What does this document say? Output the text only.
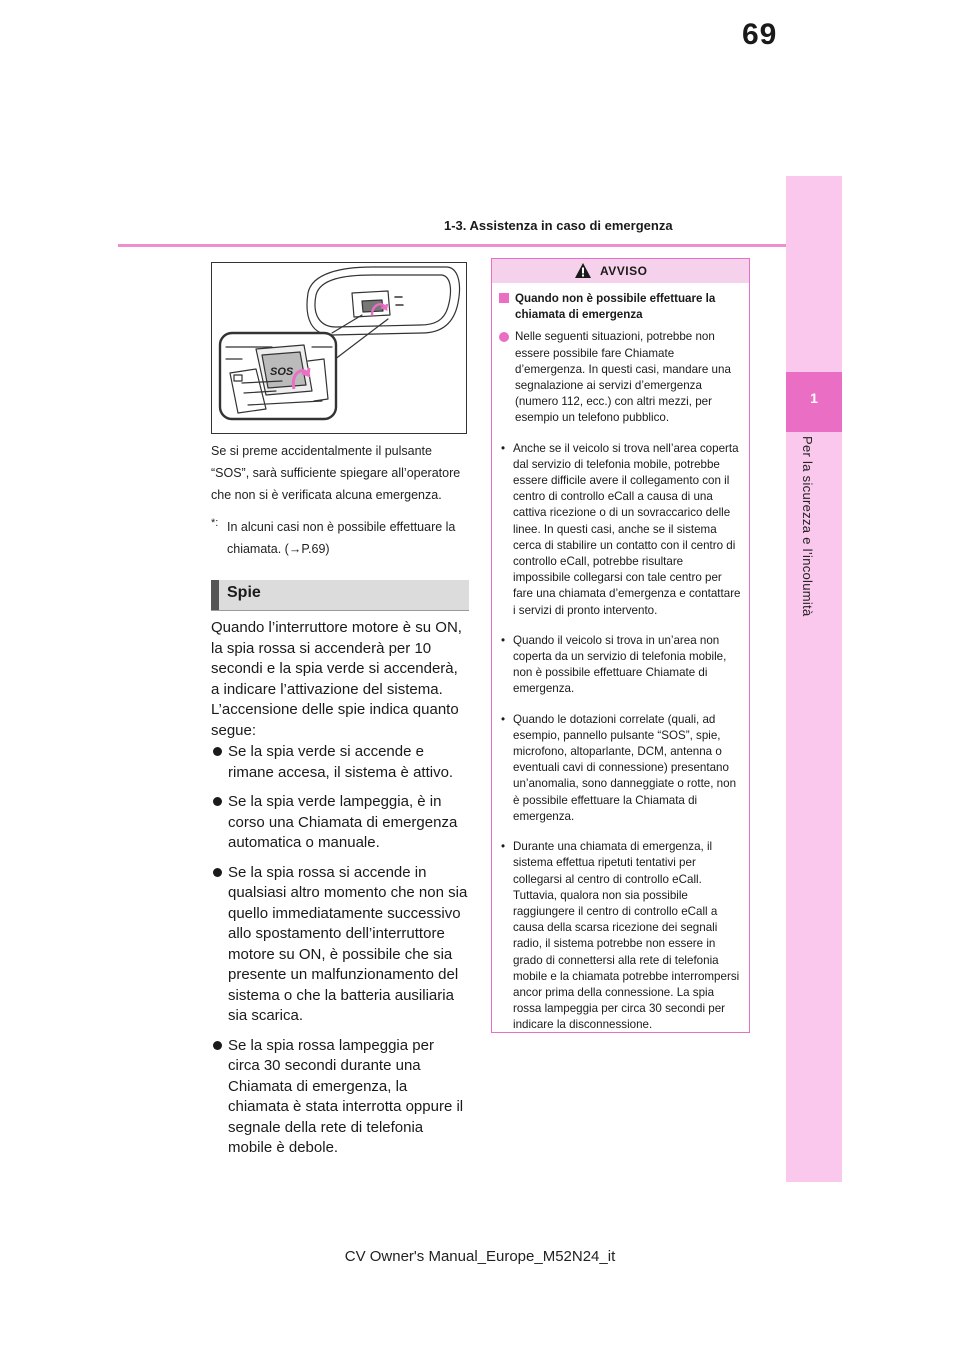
69
1-3. Assistenza in caso di emergenza
1
Per la sicurezza e l’incolumità
SOS
Se si preme accidentalmente il pulsante “SOS”, sarà sufficiente spiegare all’operatore che non si è verificata alcuna emergenza.
*: In alcuni casi non è possibile effettuare la chiamata. (→P.69)
Spie
Quando l’interruttore motore è su ON, la spia rossa si accenderà per 10 secondi e la spia verde si accenderà, a indicare l’attivazione del sistema. L’accensione delle spie indica quanto segue:
Se la spia verde si accende e rimane accesa, il sistema è attivo.
Se la spia verde lampeggia, è in corso una Chiamata di emergenza automatica o manuale.
Se la spia rossa si accende in qualsiasi altro momento che non sia quello immediatamente successivo allo spostamento dell’interruttore motore su ON, è possibile che sia presente un malfunzionamento del sistema o che la batteria ausiliaria sia scarica.
Se la spia rossa lampeggia per circa 30 secondi durante una Chiamata di emergenza, la chiamata è stata interrotta oppure il segnale della rete di telefonia mobile è debole.
AVVISO
Quando non è possibile effettuare la chiamata di emergenza
Nelle seguenti situazioni, potrebbe non essere possibile fare Chiamate d’emergenza. In questi casi, mandare una segnalazione ai servizi d’emergenza (numero 112, ecc.) con altri mezzi, per esempio un telefono pubblico.
• Anche se il veicolo si trova nell’area coperta dal servizio di telefonia mobile, potrebbe essere difficile avere il collegamento con il centro di controllo eCall a causa di una cattiva ricezione o di un sovraccarico delle linee. In questi casi, anche se il sistema cerca di stabilire un contatto con il centro di controllo eCall, potrebbe risultare impossibile collegarsi con tale centro per fare una chiamata d’emergenza e contattare i servizi di pronto intervento.
• Quando il veicolo si trova in un’area non coperta da un servizio di telefonia mobile, non è possibile effettuare Chiamate di emergenza.
• Quando le dotazioni correlate (quali, ad esempio, pannello pulsante “SOS”, spie, microfono, altoparlante, DCM, antenna o eventuali cavi di connessione) presentano un’anomalia, sono danneggiate o rotte, non è possibile effettuare la Chiamata di emergenza.
• Durante una chiamata di emergenza, il sistema effettua ripetuti tentativi per collegarsi al centro di controllo eCall. Tuttavia, qualora non sia possibile raggiungere il centro di controllo eCall a causa della scarsa ricezione dei segnali radio, il sistema potrebbe non essere in grado di connettersi alla rete di telefonia mobile e la chiamata potrebbe interrompersi ancor prima della connessione. La spia rossa lampeggia per circa 30 secondi per indicare la disconnessione.
CV Owner's Manual_Europe_M52N24_it
